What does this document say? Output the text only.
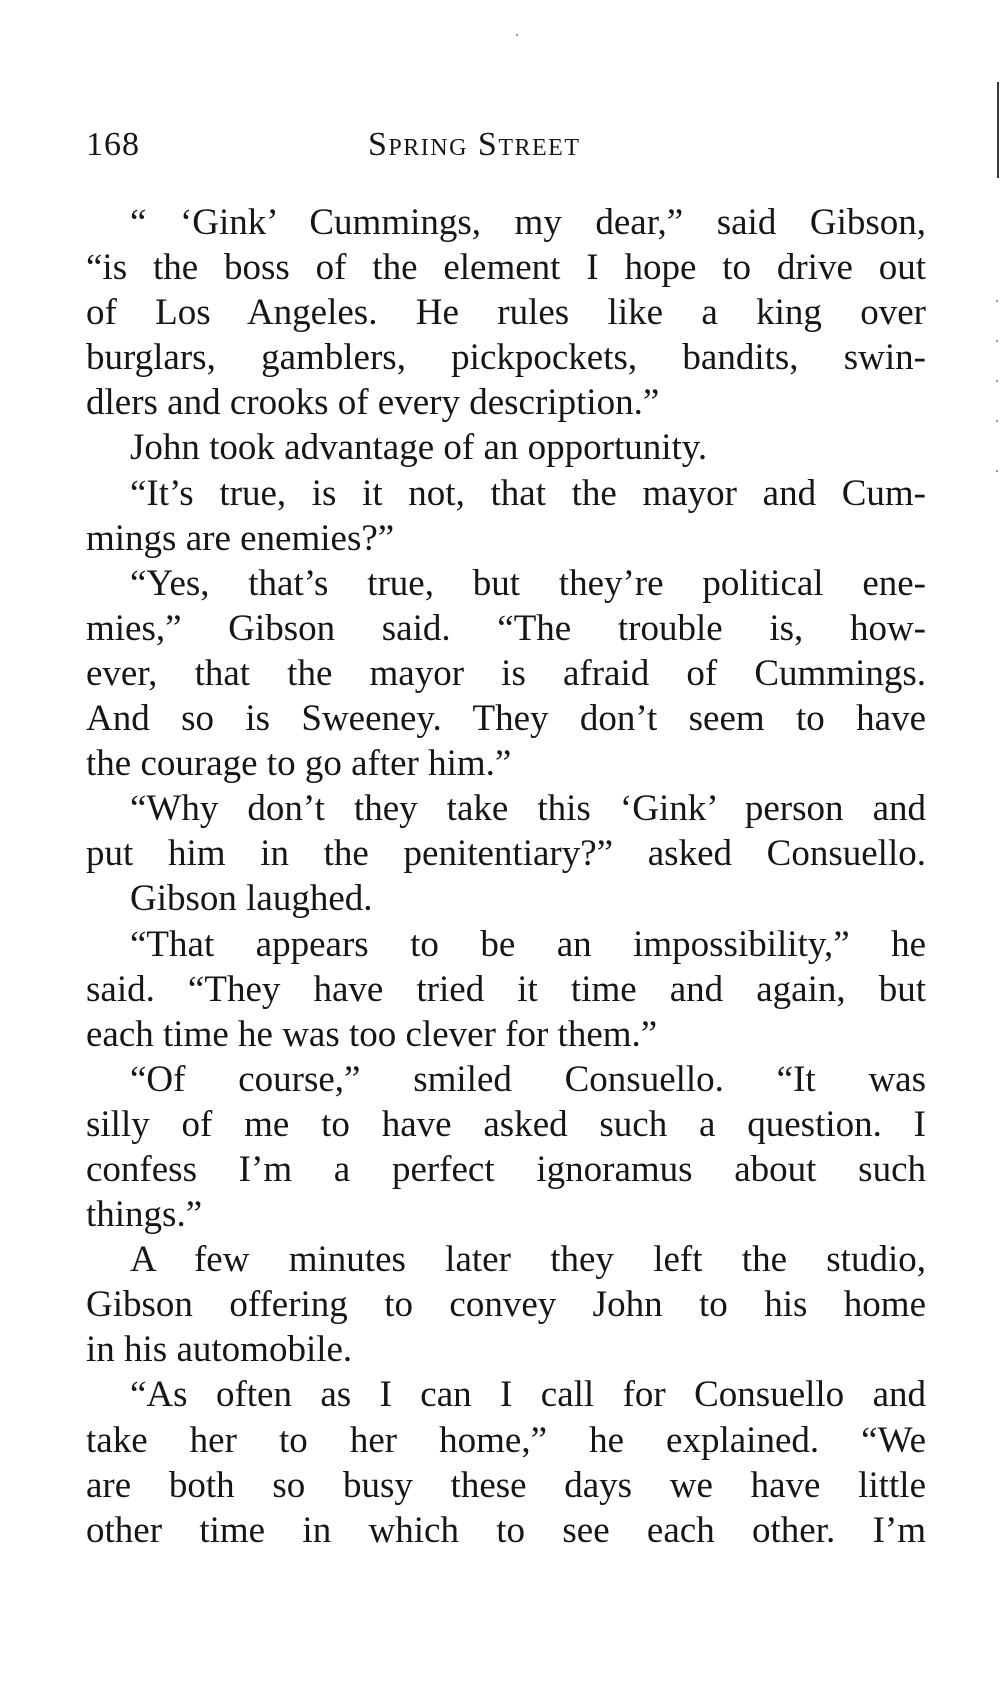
168	Spring Street
“ ‘Gink’ Cummings, my dear,” said Gibson,
“is the boss of the element I hope to drive out
of Los Angeles. He rules like a king over
burglars, gamblers, pickpockets, bandits, swin-
dlers and crooks of every description.”
John took advantage of an opportunity.
“It’s true, is it not, that the mayor and Cum-
mings are enemies?”
“Yes, that’s true, but they’re political ene-
mies,” Gibson said. “The trouble is, how-
ever, that the mayor is afraid of Cummings.
And so is Sweeney. They don’t seem to have
the courage to go after him.”
“Why don’t they take this ‘Gink’ person and
put him in the penitentiary?” asked Consuello.
Gibson laughed.
“That appears to be an impossibility,” he
said. “They have tried it time and again, but
each time he was too clever for them.”
“Of course,” smiled Consuello. “It was
silly of me to have asked such a question. I
confess I’m a perfect ignoramus about such
things.”
A few minutes later they left the studio,
Gibson offering to convey John to his home
in his automobile.
“As often as I can I call for Consuello and
take her to her home,” he explained. “We
are both so busy these days we have little
other time in which to see each other. I’m
